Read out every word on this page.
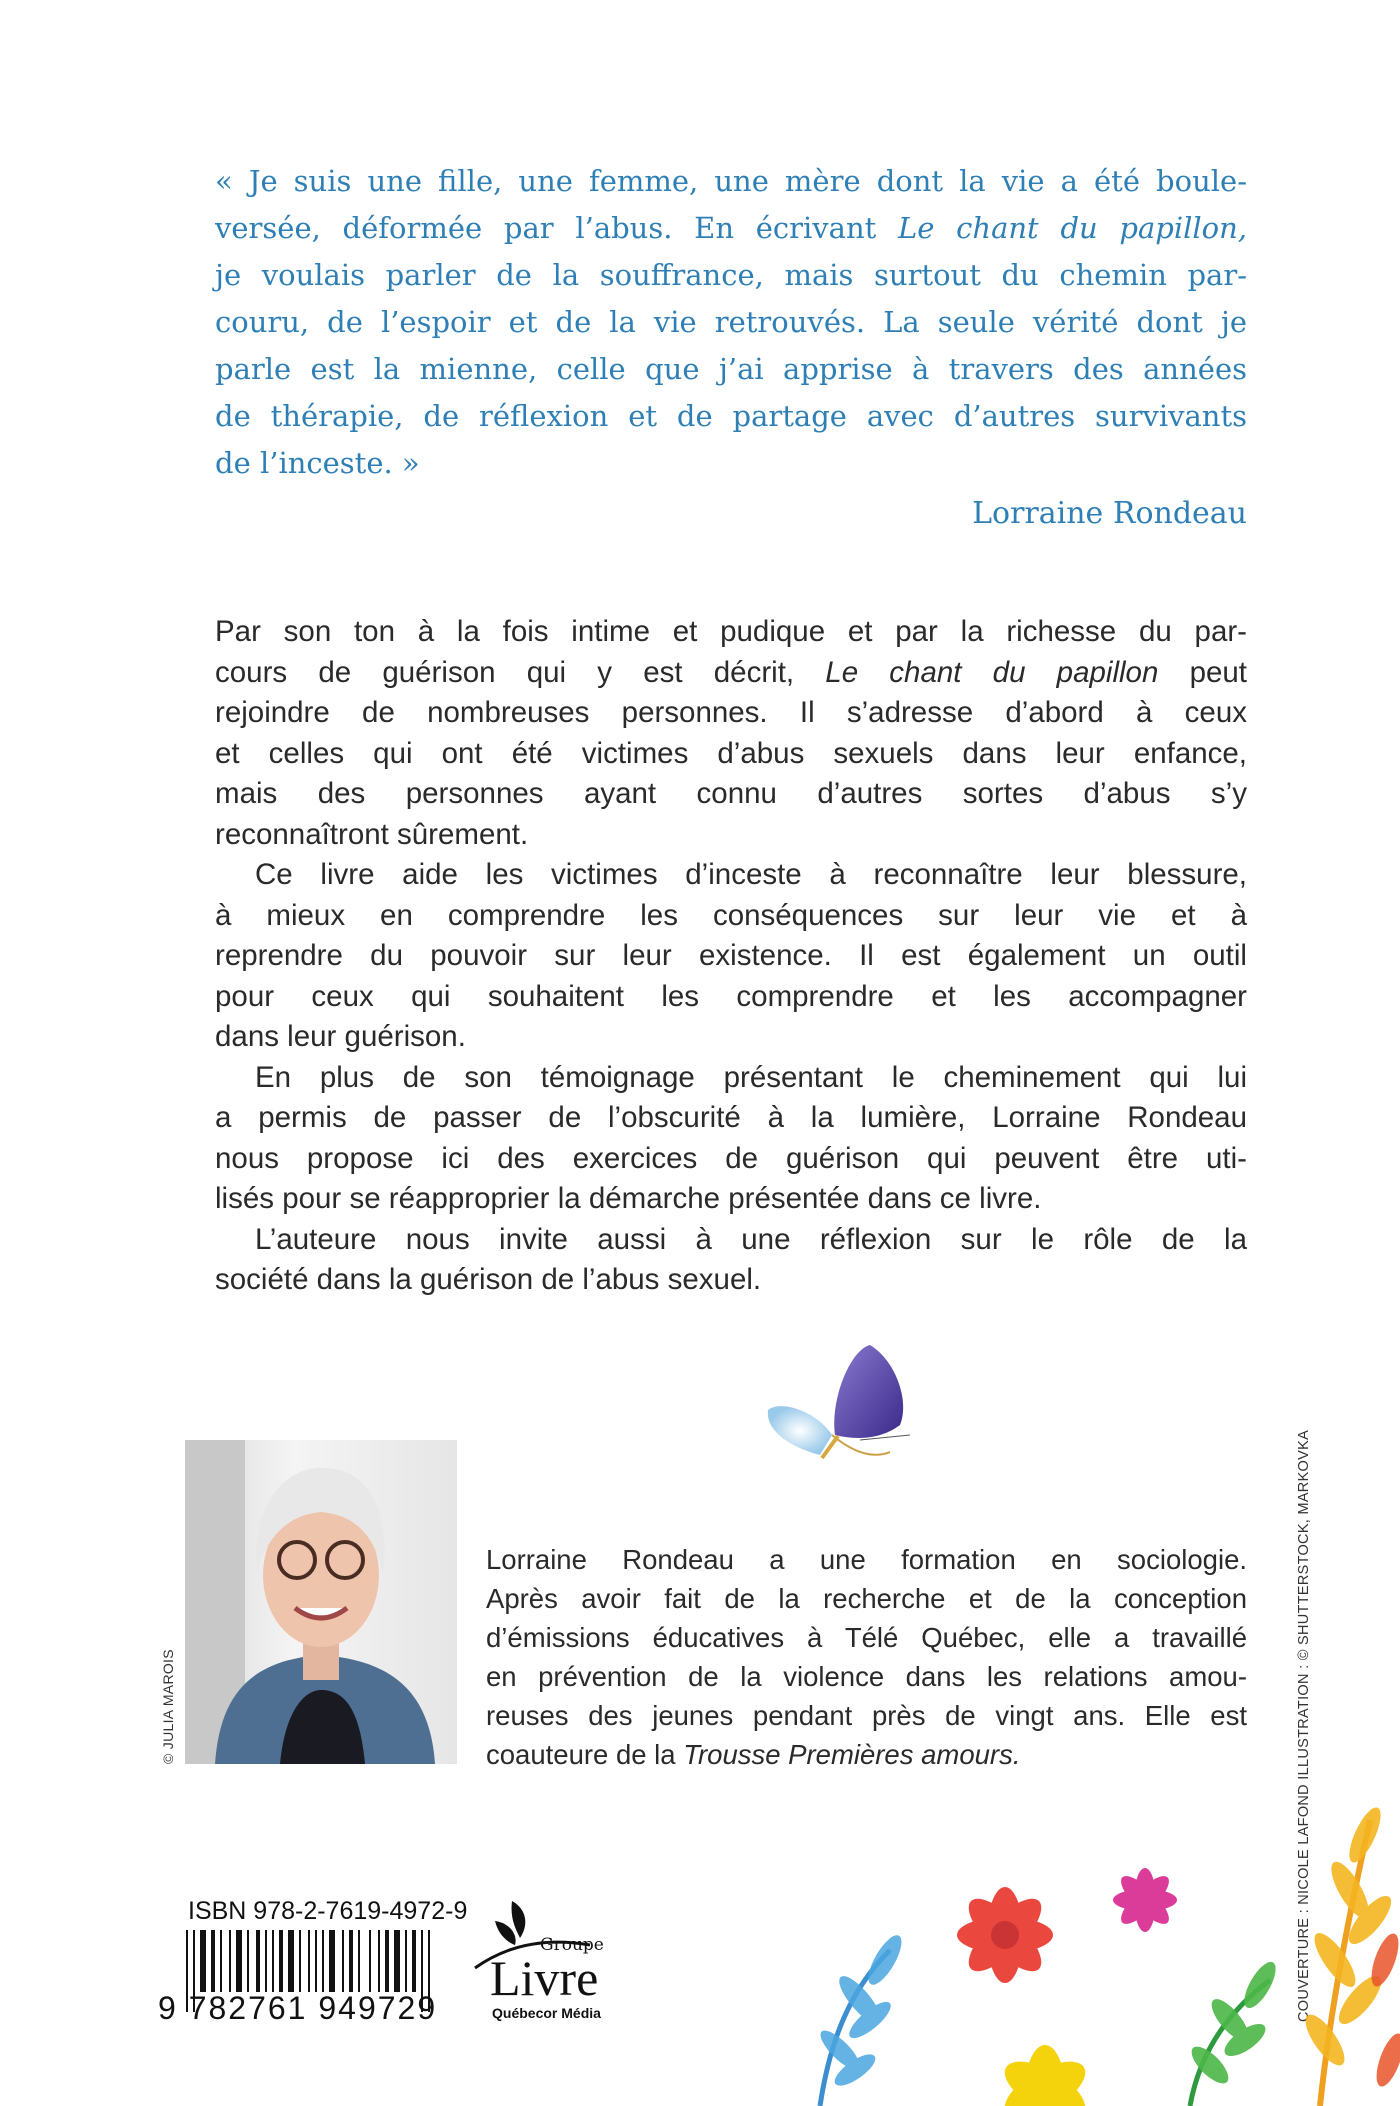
« Je suis une fille, une femme, une mère dont la vie a été boule-
versée, déformée par l’abus. En écrivant Le chant du papillon,
je voulais parler de la souffrance, mais surtout du chemin par-
couru, de l’espoir et de la vie retrouvés. La seule vérité dont je
parle est la mienne, celle que j’ai apprise à travers des années
de thérapie, de réflexion et de partage avec d’autres survivants
de l’inceste. »
Lorraine Rondeau
Par son ton à la fois intime et pudique et par la richesse du par-
cours de guérison qui y est décrit, Le chant du papillon peut
rejoindre de nombreuses personnes. Il s’adresse d’abord à ceux
et celles qui ont été victimes d’abus sexuels dans leur enfance,
mais des personnes ayant connu d’autres sortes d’abus s’y
reconnaîtront sûrement.
Ce livre aide les victimes d’inceste à reconnaître leur blessure,
à mieux en comprendre les conséquences sur leur vie et à
reprendre du pouvoir sur leur existence. Il est également un outil
pour ceux qui souhaitent les comprendre et les accompagner
dans leur guérison.
En plus de son témoignage présentant le cheminement qui lui
a permis de passer de l’obscurité à la lumière, Lorraine Rondeau
nous propose ici des exercices de guérison qui peuvent être uti-
lisés pour se réapproprier la démarche présentée dans ce livre.
L’auteure nous invite aussi à une réflexion sur le rôle de la
société dans la guérison de l’abus sexuel.
© JULIA MAROIS
Lorraine Rondeau a une formation en sociologie.
Après avoir fait de la recherche et de la conception
d’émissions éducatives à Télé Québec, elle a travaillé
en prévention de la violence dans les relations amou-
reuses des jeunes pendant près de vingt ans. Elle est
coauteure de la Trousse Premières amours.	COUVERTURE : NICOLE LAFOND ILLUSTRATION : © SHUTTERSTOCK, MARKOVKA
ISBN 978-2-7619-4972-9
9 782761 949729
Groupe
Livre
Québecor Média
